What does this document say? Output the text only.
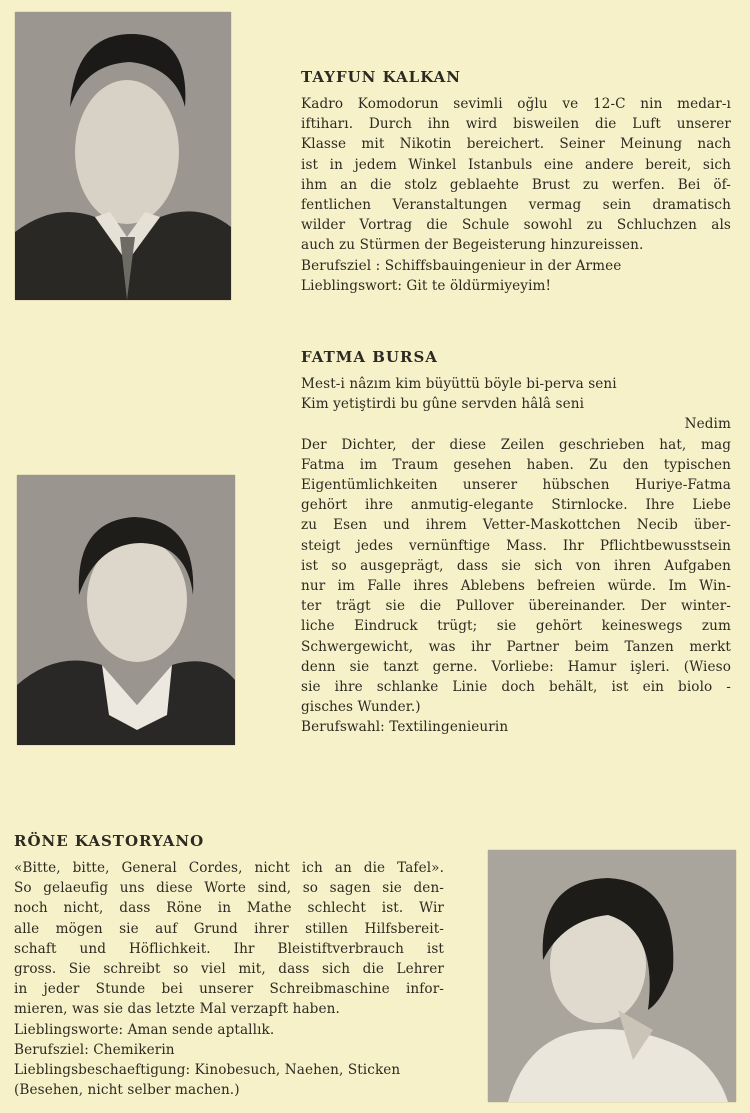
TAYFUN KALKAN
Kadro Komodorun sevimli oğlu ve 12-C nin medar-ı
iftiharı. Durch ihn wird bisweilen die Luft unserer
Klasse mit Nikotin bereichert. Seiner Meinung nach
ist in jedem Winkel Istanbuls eine andere bereit, sich
ihm an die stolz geblaehte Brust zu werfen. Bei öf-
fentlichen Veranstaltungen vermag sein dramatisch
wilder Vortrag die Schule sowohl zu Schluchzen als
auch zu Stürmen der Begeisterung hinzureissen.
Berufsziel : Schiffsbauingenieur in der Armee
Lieblingswort: Git te öldürmiyeyim!
FATMA BURSA
Mest-i nâzım kim büyüttü böyle bi-perva seni
Kim yetiştirdi bu gûne servden hâlâ seni
Nedim
Der Dichter, der diese Zeilen geschrieben hat, mag
Fatma im Traum gesehen haben. Zu den typischen
Eigentümlichkeiten unserer hübschen Huriye-Fatma
gehört ihre anmutig-elegante Stirnlocke. Ihre Liebe
zu Esen und ihrem Vetter-Maskottchen Necib über-
steigt jedes vernünftige Mass. Ihr Pflichtbewusstsein
ist so ausgeprägt, dass sie sich von ihren Aufgaben
nur im Falle ihres Ablebens befreien würde. Im Win-
ter trägt sie die Pullover übereinander. Der winter-
liche Eindruck trügt; sie gehört keineswegs zum
Schwergewicht, was ihr Partner beim Tanzen merkt
denn sie tanzt gerne. Vorliebe: Hamur işleri. (Wieso
sie ihre schlanke Linie doch behält, ist ein biolo -
gisches Wunder.)
Berufswahl: Textilingenieurin
RÖNE KASTORYANO
«Bitte, bitte, General Cordes, nicht ich an die Tafel».
So gelaeufig uns diese Worte sind, so sagen sie den-
noch nicht, dass Röne in Mathe schlecht ist. Wir
alle mögen sie auf Grund ihrer stillen Hilfsbereit-
schaft und Höflichkeit. Ihr Bleistiftverbrauch ist
gross. Sie schreibt so viel mit, dass sich die Lehrer
in jeder Stunde bei unserer Schreibmaschine infor-
mieren, was sie das letzte Mal verzapft haben.
Lieblingsworte: Aman sende aptallık.
Berufsziel: Chemikerin
Lieblingsbeschaeftigung: Kinobesuch, Naehen, Sticken
(Besehen, nicht selber machen.)
